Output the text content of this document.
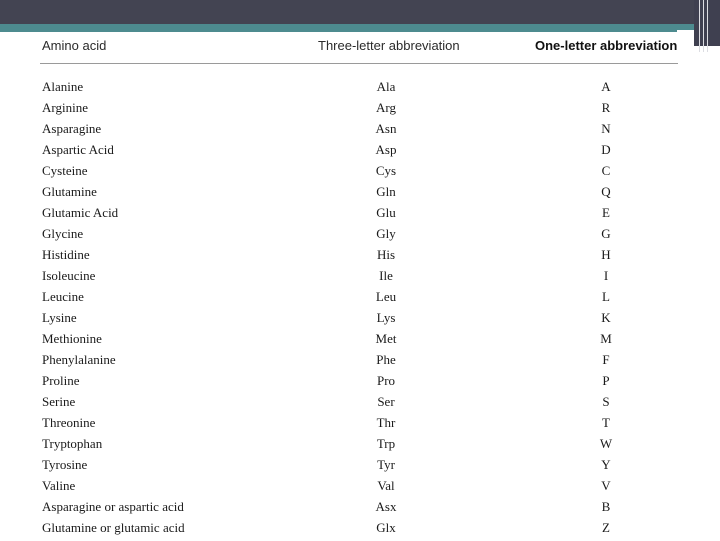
Amino acid	Three-letter abbreviation	One-letter abbreviation
Alanine	Ala	A
Arginine	Arg	R
Asparagine	Asn	N
Aspartic Acid	Asp	D
Cysteine	Cys	C
Glutamine	Gln	Q
Glutamic Acid	Glu	E
Glycine	Gly	G
Histidine	His	H
Isoleucine	Ile	I
Leucine	Leu	L
Lysine	Lys	K
Methionine	Met	M
Phenylalanine	Phe	F
Proline	Pro	P
Serine	Ser	S
Threonine	Thr	T
Tryptophan	Trp	W
Tyrosine	Tyr	Y
Valine	Val	V
Asparagine or aspartic acid	Asx	B
Glutamine or glutamic acid	Glx	Z
